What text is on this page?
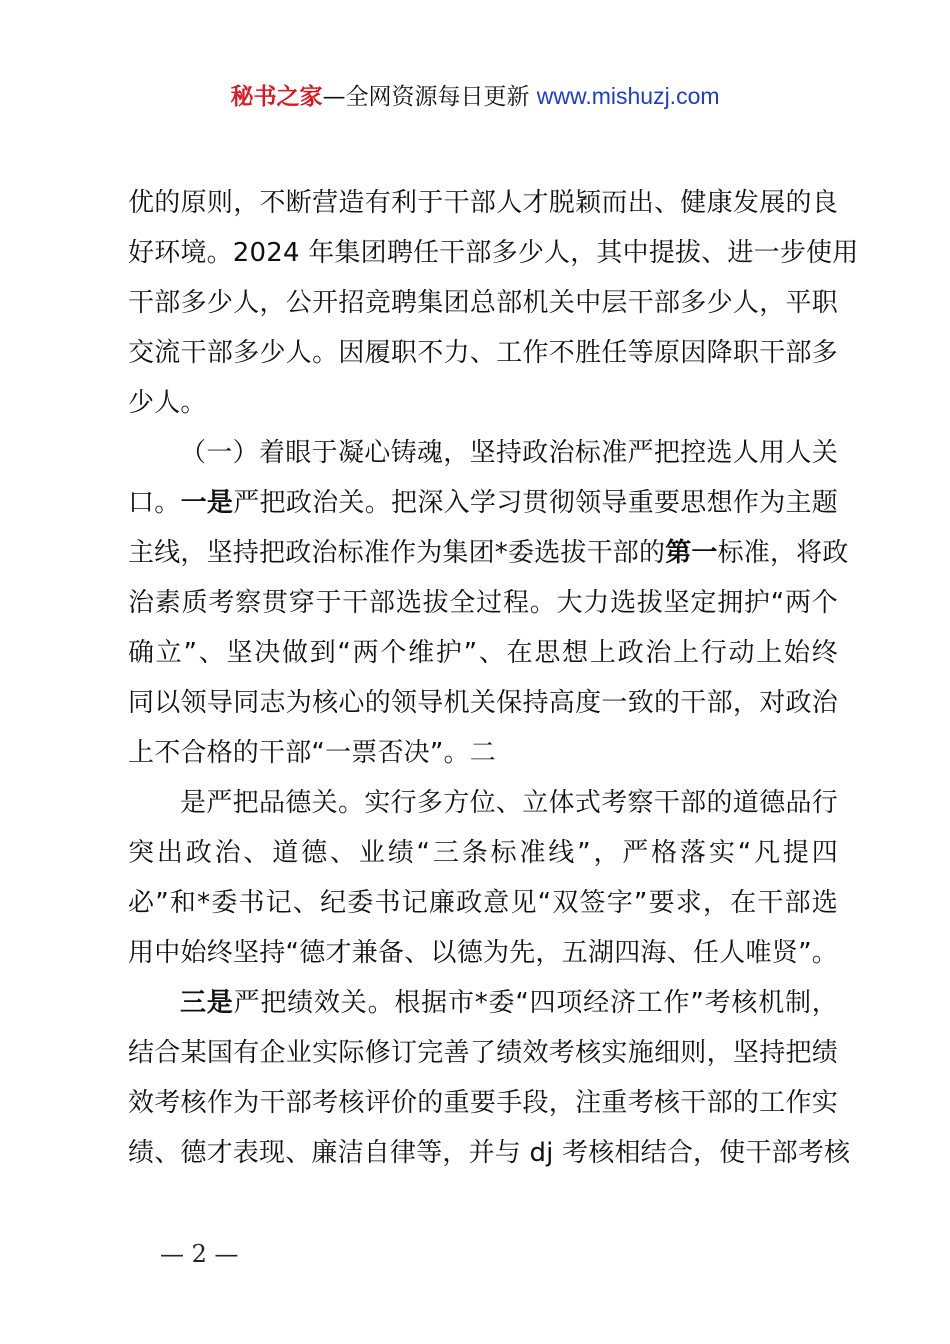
秘书之家—全网资源每日更新 www.mishuzj.com
优的原则，不断营造有利于干部人才脱颖而出、健康发展的良
好环境。2024 年集团聘任干部多少人，其中提拔、进一步使用
干部多少人，公开招竞聘集团总部机关中层干部多少人，平职
交流干部多少人。因履职不力、工作不胜任等原因降职干部多
少人。
（一）着眼于凝心铸魂，坚持政治标准严把控选人用人关
口。一是严把政治关。把深入学习贯彻领导重要思想作为主题
主线，坚持把政治标准作为集团*委选拔干部的第一标准，将政
治素质考察贯穿于干部选拔全过程。大力选拔坚定拥护“两个
确立”、坚决做到“两个维护”、在思想上政治上行动上始终
同以领导同志为核心的领导机关保持高度一致的干部，对政治
上不合格的干部“一票否决”。二
是严把品德关。实行多方位、立体式考察干部的道德品行
突出政治、道德、业绩“三条标准线”，严格落实“凡提四
必”和*委书记、纪委书记廉政意见“双签字”要求，在干部选
用中始终坚持“德才兼备、以德为先，五湖四海、任人唯贤”。
三是严把绩效关。根据市*委“四项经济工作”考核机制，
结合某国有企业实际修订完善了绩效考核实施细则，坚持把绩
效考核作为干部考核评价的重要手段，注重考核干部的工作实
绩、德才表现、廉洁自律等，并与 dj 考核相结合，使干部考核
— 2 —
